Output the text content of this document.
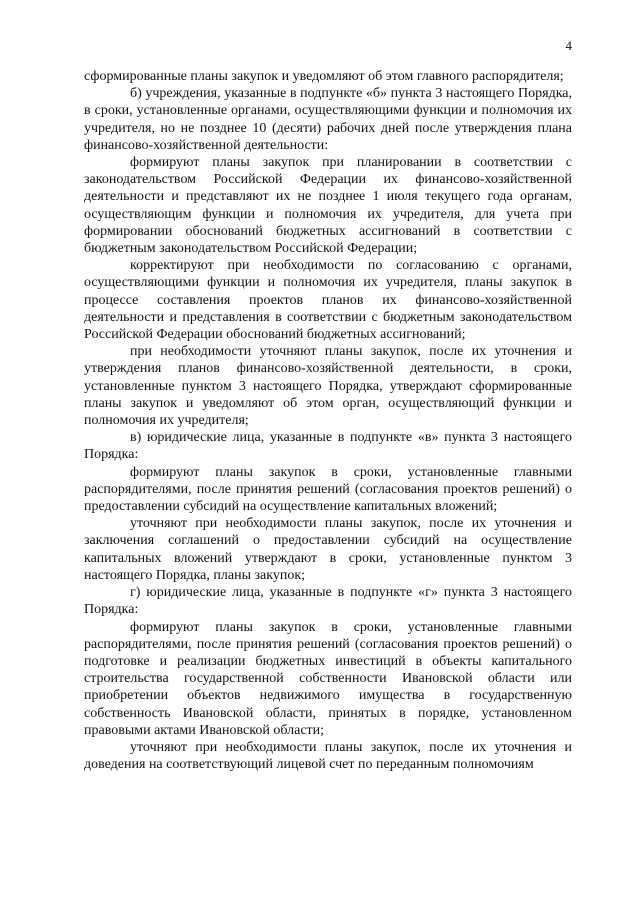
4

сформированные планы закупок и уведомляют об этом главного распорядителя;

б) учреждения, указанные в подпункте «б» пункта 3 настоящего Порядка, в сроки, установленные органами, осуществляющими функции и полномочия их учредителя, но не позднее 10 (десяти) рабочих дней после утверждения плана финансово-хозяйственной деятельности:

формируют планы закупок при планировании в соответствии с законодательством Российской Федерации их финансово-хозяйственной деятельности и представляют их не позднее 1 июля текущего года органам, осуществляющим функции и полномочия их учредителя, для учета при формировании обоснований бюджетных ассигнований в соответствии с бюджетным законодательством Российской Федерации;

корректируют при необходимости по согласованию с органами, осуществляющими функции и полномочия их учредителя, планы закупок в процессе составления проектов планов их финансово-хозяйственной деятельности и представления в соответствии с бюджетным законодательством Российской Федерации обоснований бюджетных ассигнований;

при необходимости уточняют планы закупок, после их уточнения и утверждения планов финансово-хозяйственной деятельности, в сроки, установленные пунктом 3 настоящего Порядка, утверждают сформированные планы закупок и уведомляют об этом орган, осуществляющий функции и полномочия их учредителя;

в) юридические лица, указанные в подпункте «в» пункта 3 настоящего Порядка:

формируют планы закупок в сроки, установленные главными распорядителями, после принятия решений (согласования проектов решений) о предоставлении субсидий на осуществление капитальных вложений;

уточняют при необходимости планы закупок, после их уточнения и заключения соглашений о предоставлении субсидий на осуществление капитальных вложений утверждают в сроки, установленные пунктом 3 настоящего Порядка, планы закупок;

г) юридические лица, указанные в подпункте «г» пункта 3 настоящего Порядка:

формируют планы закупок в сроки, установленные главными распорядителями, после принятия решений (согласования проектов решений) о подготовке и реализации бюджетных инвестиций в объекты капитального строительства государственной собственности Ивановской области или приобретении объектов недвижимого имущества в государственную собственность Ивановской области, принятых в порядке, установленном правовыми актами Ивановской области;

уточняют при необходимости планы закупок, после их уточнения и доведения на соответствующий лицевой счет по переданным полномочиям
